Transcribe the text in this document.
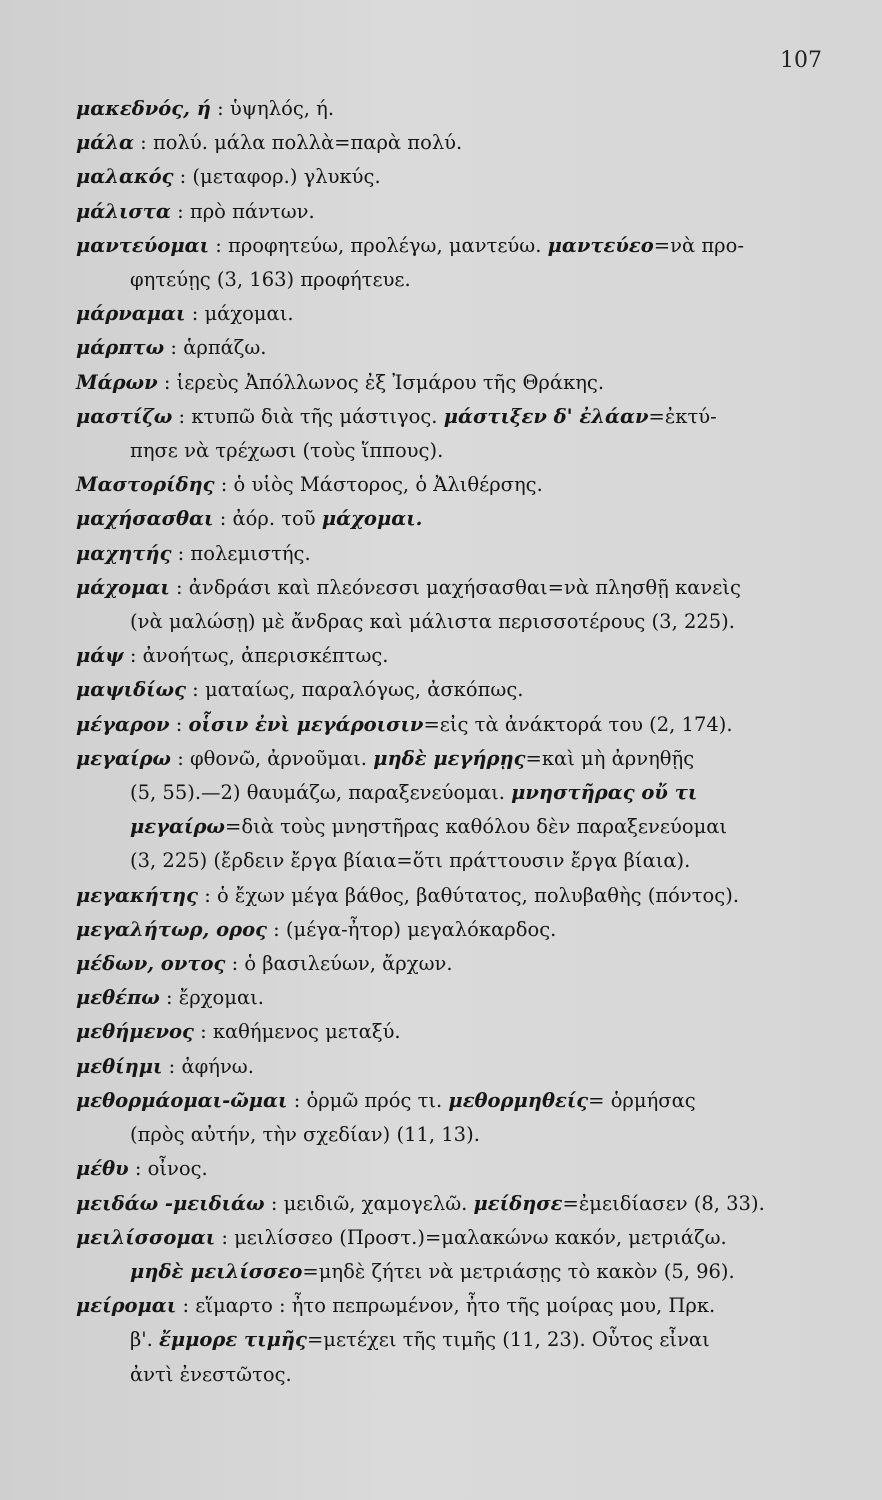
107
μακεδνός, ή : ὑψηλός, ή.
μάλα : πολύ. μάλα πολλὰ=παρὰ πολύ.
μαλακός : (μεταφορ.) γλυκύς.
μάλιστα : πρὸ πάντων.
μαντεύομαι : προφητεύω, προλέγω, μαντεύω. μαντεύεο=νὰ προ-
φητεύῃς (3, 163) προφήτευε.
μάρναμαι : μάχομαι.
μάρπτω : ἁρπάζω.
Μάρων : ἱερεὺς Ἀπόλλωνος ἐξ Ἰσμάρου τῆς Θράκης.
μαστίζω : κτυπῶ διὰ τῆς μάστιγος. μάστιξεν δ' ἐλάαν=ἐκτύ-
πησε νὰ τρέχωσι (τοὺς ἵππους).
Μαστορίδης : ὁ υἱὸς Μάστορος, ὁ Ἀλιθέρσης.
μαχήσασθαι : ἀόρ. τοῦ μάχομαι.
μαχητής : πολεμιστής.
μάχομαι : ἀνδράσι καὶ πλεόνεσσι μαχήσασθαι=νὰ πλησθῇ κανεὶς
(νὰ μαλώσῃ) μὲ ἄνδρας καὶ μάλιστα περισσοτέρους (3, 225).
μάψ : ἀνοήτως, ἀπερισκέπτως.
μαψιδίως : ματαίως, παραλόγως, ἀσκόπως.
μέγαρον : οἷσιν ἐνὶ μεγάροισιν=εἰς τὰ ἀνάκτορά του (2, 174).
μεγαίρω : φθονῶ, ἀρνοῦμαι. μηδὲ μεγήρῃς=καὶ μὴ ἀρνηθῇς
(5, 55).—2) θαυμάζω, παραξενεύομαι. μνηστῆρας οὔ τι
μεγαίρω=διὰ τοὺς μνηστῆρας καθόλου δὲν παραξενεύομαι
(3, 225) (ἔρδειν ἔργα βίαια=ὅτι πράττουσιν ἔργα βίαια).
μεγακήτης : ὁ ἔχων μέγα βάθος, βαθύτατος, πολυβαθὴς (πόντος).
μεγαλήτωρ, ορος : (μέγα-ἦτορ) μεγαλόκαρδος.
μέδων, οντος : ὁ βασιλεύων, ἄρχων.
μεθέπω : ἔρχομαι.
μεθήμενος : καθήμενος μεταξύ.
μεθίημι : ἀφήνω.
μεθορμάομαι-ῶμαι : ὁρμῶ πρός τι. μεθορμηθείς= ὁρμήσας
(πρὸς αὐτήν, τὴν σχεδίαν) (11, 13).
μέθυ : οἶνος.
μειδάω -μειδιάω : μειδιῶ, χαμογελῶ. μείδησε=ἐμειδίασεν (8, 33).
μειλίσσομαι : μειλίσσεο (Προστ.)=μαλακώνω κακόν, μετριάζω.
μηδὲ μειλίσσεο=μηδὲ ζήτει νὰ μετριάσῃς τὸ κακὸν (5, 96).
μείρομαι : εἵμαρτο : ἦτο πεπρωμένον, ἦτο τῆς μοίρας μου, Πρκ.
β'. ἔμμορε τιμῆς=μετέχει τῆς τιμῆς (11, 23). Οὗτος εἶναι
ἀντὶ ἐνεστῶτος.
